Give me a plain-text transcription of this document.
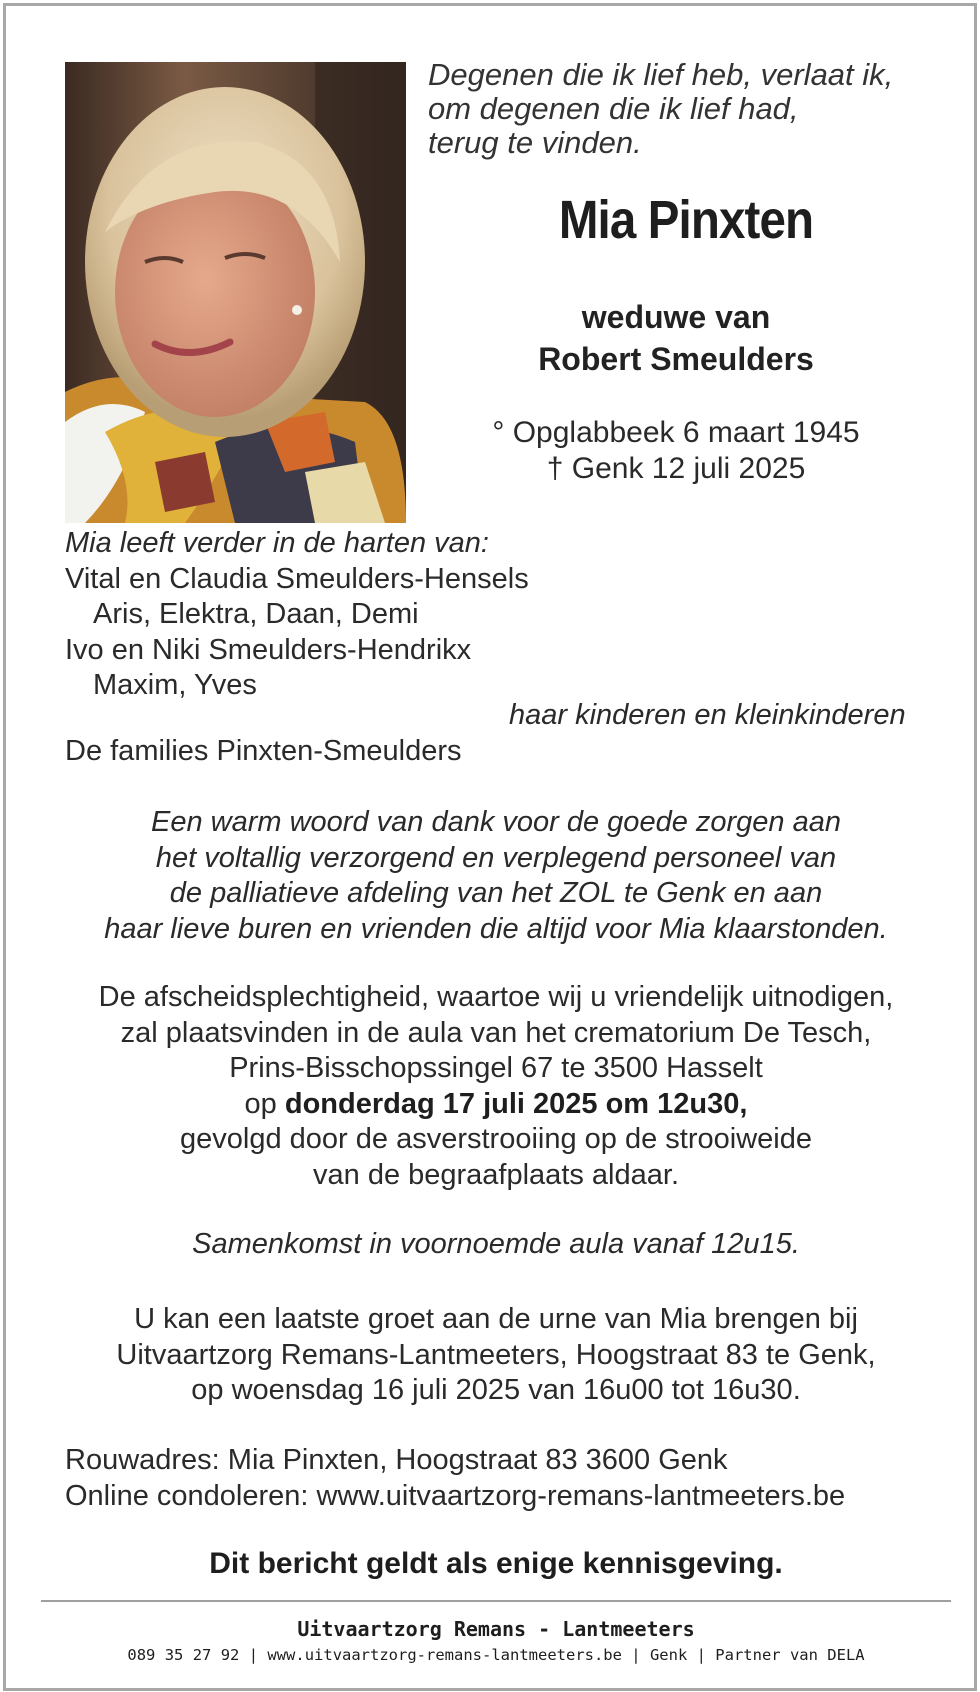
Degenen die ik lief heb, verlaat ik,
om degenen die ik lief had,
terug te vinden.
Mia Pinxten
weduwe van
Robert Smeulders
° Opglabbeek 6 maart 1945
† Genk 12 juli 2025
Mia leeft verder in de harten van:
Vital en Claudia Smeulders-Hensels
Aris, Elektra, Daan, Demi
Ivo en Niki Smeulders-Hendrikx
Maxim, Yves
haar kinderen en kleinkinderen
De families Pinxten-Smeulders
Een warm woord van dank voor de goede zorgen aan
het voltallig verzorgend en verplegend personeel van
de palliatieve afdeling van het ZOL te Genk en aan
haar lieve buren en vrienden die altijd voor Mia klaarstonden.
De afscheidsplechtigheid, waartoe wij u vriendelijk uitnodigen,
zal plaatsvinden in de aula van het crematorium De Tesch,
Prins-Bisschopssingel 67 te 3500 Hasselt
op donderdag 17 juli 2025 om 12u30,
gevolgd door de asverstrooiing op de strooiweide
van de begraafplaats aldaar.
Samenkomst in voornoemde aula vanaf 12u15.
U kan een laatste groet aan de urne van Mia brengen bij
Uitvaartzorg Remans-Lantmeeters, Hoogstraat 83 te Genk,
op woensdag 16 juli 2025 van 16u00 tot 16u30.
Rouwadres: Mia Pinxten, Hoogstraat 83 3600 Genk
Online condoleren: www.uitvaartzorg-remans-lantmeeters.be
Dit bericht geldt als enige kennisgeving.
Uitvaartzorg Remans - Lantmeeters
089 35 27 92 | www.uitvaartzorg-remans-lantmeeters.be | Genk | Partner van DELA
